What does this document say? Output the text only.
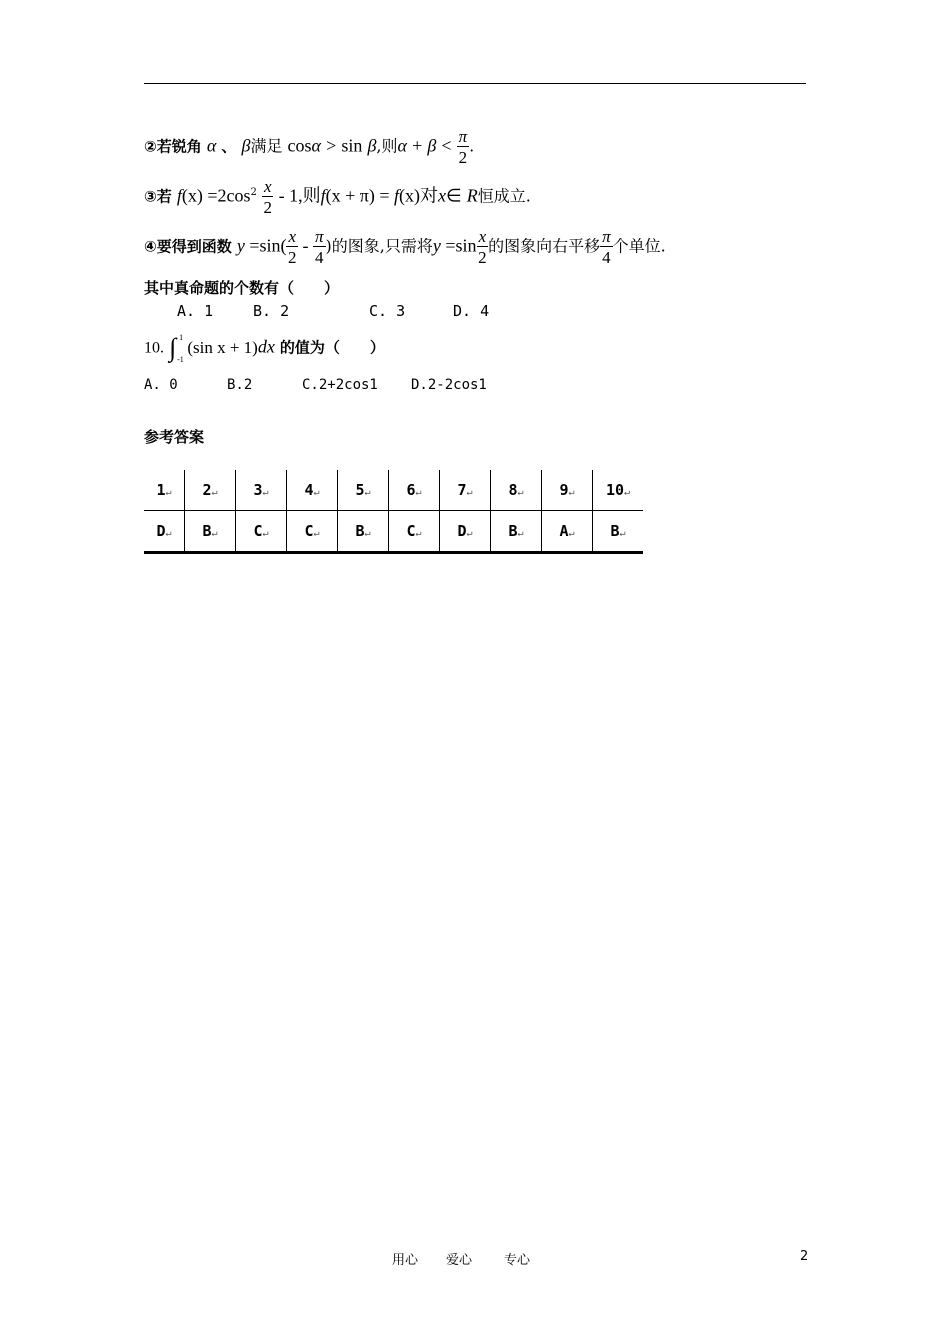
②若锐角 α 、 β满足 cosα > sin β,则$\alpha + \beta < \frac{\pi}{2}$ .
③若 $f(x) =2\cos^2 \frac{x}{2} - 1$,则f(x + π) = f(x)对x∈ R恒成立.
④要得到函数 $y =\sin( \frac{x}{2} - \frac{\pi}{4}$ )的图象,只需将$y =\sin \frac{x}{2}$ 的图象向右平移 $\frac{\pi}{4}$ 个单位.
其中真命题的个数有（　　）
A. 1	B. 2	C. 3	D. 4
10. ∫ 1
-1
(sin x + 1)dx 的值为（　　）
A. 0	B.2	C.2+2cos1 D.2-2cos1
参考答案
1↵	2↵	3↵	4↵	5↵	6↵	7↵	8↵	9↵	10↵
D↵	B↵	C↵	C↵	B↵	C↵	D↵	B↵	A↵	B↵
用心 爱心 专心	2
